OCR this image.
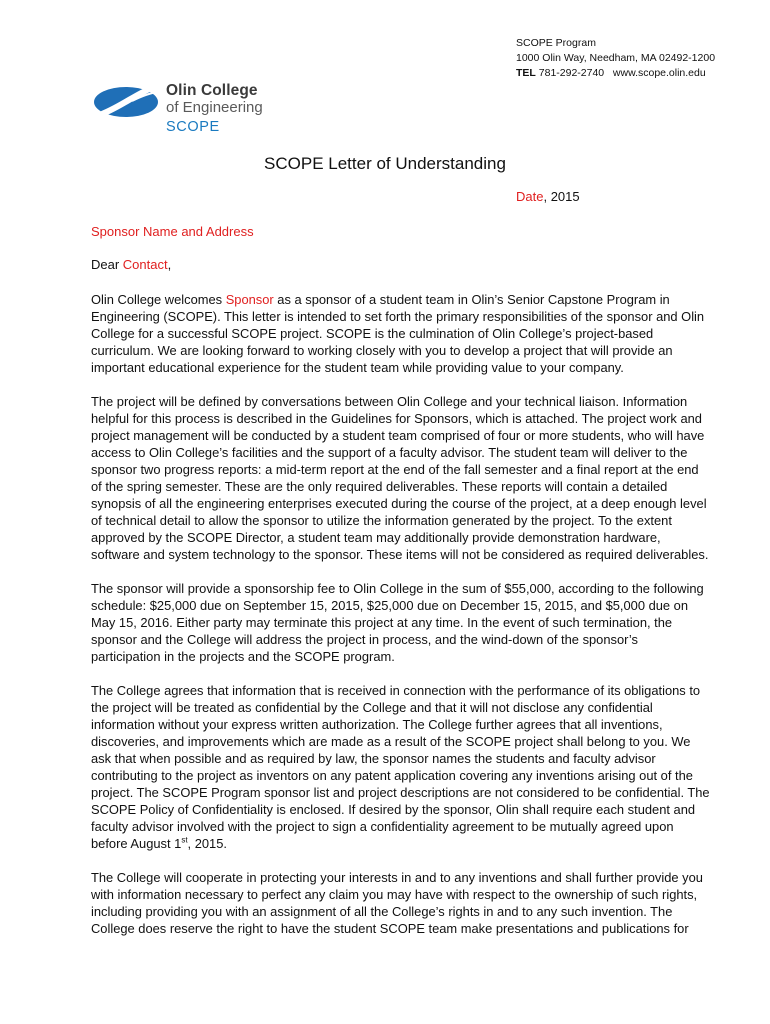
SCOPE Program
1000 Olin Way, Needham, MA 02492-1200
TEL 781-292-2740   www.scope.olin.edu
Olin College
of Engineering
SCOPE
SCOPE Letter of Understanding
Date, 2015
Sponsor Name and Address
Dear Contact,

Olin College welcomes Sponsor as a sponsor of a student team in Olin’s Senior Capstone Program in Engineering (SCOPE). This letter is intended to set forth the primary responsibilities of the sponsor and Olin College for a successful SCOPE project. SCOPE is the culmination of Olin College’s project-based curriculum. We are looking forward to working closely with you to develop a project that will provide an important educational experience for the student team while providing value to your company.

The project will be defined by conversations between Olin College and your technical liaison. Information helpful for this process is described in the Guidelines for Sponsors, which is attached. The project work and project management will be conducted by a student team comprised of four or more students, who will have access to Olin College’s facilities and the support of a faculty advisor. The student team will deliver to the sponsor two progress reports: a mid-term report at the end of the fall semester and a final report at the end of the spring semester. These are the only required deliverables. These reports will contain a detailed synopsis of all the engineering enterprises executed during the course of the project, at a deep enough level of technical detail to allow the sponsor to utilize the information generated by the project. To the extent approved by the SCOPE Director, a student team may additionally provide demonstration hardware, software and system technology to the sponsor. These items will not be considered as required deliverables.

The sponsor will provide a sponsorship fee to Olin College in the sum of $55,000, according to the following schedule: $25,000 due on September 15, 2015, $25,000 due on December 15, 2015, and $5,000 due on May 15, 2016. Either party may terminate this project at any time. In the event of such termination, the sponsor and the College will address the project in process, and the wind-down of the sponsor’s participation in the projects and the SCOPE program.

The College agrees that information that is received in connection with the performance of its obligations to the project will be treated as confidential by the College and that it will not disclose any confidential information without your express written authorization. The College further agrees that all inventions, discoveries, and improvements which are made as a result of the SCOPE project shall belong to you. We ask that when possible and as required by law, the sponsor names the students and faculty advisor contributing to the project as inventors on any patent application covering any inventions arising out of the project. The SCOPE Program sponsor list and project descriptions are not considered to be confidential. The SCOPE Policy of Confidentiality is enclosed. If desired by the sponsor, Olin shall require each student and faculty advisor involved with the project to sign a confidentiality agreement to be mutually agreed upon before August 1st, 2015.

The College will cooperate in protecting your interests in and to any inventions and shall further provide you with information necessary to perfect any claim you may have with respect to the ownership of such rights, including providing you with an assignment of all the College’s rights in and to any such invention. The College does reserve the right to have the student SCOPE team make presentations and publications for
